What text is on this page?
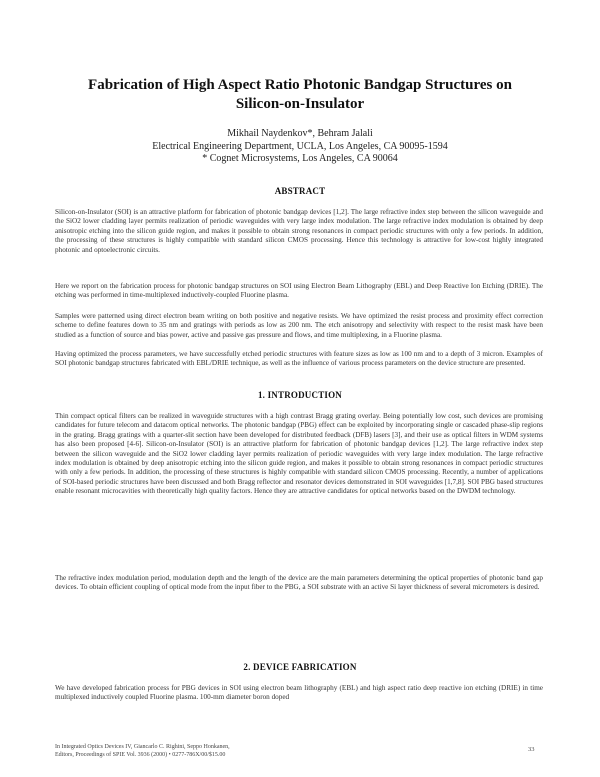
Fabrication of High Aspect Ratio Photonic Bandgap Structures on
Silicon-on-Insulator
Mikhail Naydenkov*, Behram Jalali
Electrical Engineering Department, UCLA, Los Angeles, CA 90095-1594
* Cognet Microsystems, Los Angeles, CA 90064
ABSTRACT

Silicon-on-Insulator (SOI) is an attractive platform for fabrication of photonic bandgap devices [1,2]. The large refractive index step between the silicon waveguide and the SiO2 lower cladding layer permits realization of periodic waveguides with very large index modulation. The large refractive index modulation is obtained by deep anisotropic etching into the silicon guide region, and makes it possible to obtain strong resonances in compact periodic structures with only a few periods. In addition, the processing of these structures is highly compatible with standard silicon CMOS processing. Hence this technology is attractive for low-cost highly integrated photonic and optoelectronic circuits.

Here we report on the fabrication process for photonic bandgap structures on SOI using Electron Beam Lithography (EBL) and Deep Reactive Ion Etching (DRIE). The etching was performed in time-multiplexed inductively-coupled Fluorine plasma.

Samples were patterned using direct electron beam writing on both positive and negative resists. We have optimized the resist process and proximity effect correction scheme to define features down to 35 nm and gratings with periods as low as 200 nm. The etch anisotropy and selectivity with respect to the resist mask have been studied as a function of source and bias power, active and passive gas pressure and flows, and time multiplexing, in a Fluorine plasma.

Having optimized the process parameters, we have successfully etched periodic structures with feature sizes as low as 100 nm and to a depth of 3 micron. Examples of SOI photonic bandgap structures fabricated with EBL/DRIE technique, as well as the influence of various process parameters on the device structure are presented.

1. INTRODUCTION

Thin compact optical filters can be realized in waveguide structures with a high contrast Bragg grating overlay. Being potentially low cost, such devices are promising candidates for future telecom and datacom optical networks. The photonic bandgap (PBG) effect can be exploited by incorporating single or cascaded phase-slip regions in the grating. Bragg gratings with a quarter-slit section have been developed for distributed feedback (DFB) lasers [3], and their use as optical filters in WDM systems has also been proposed [4-6]. Silicon-on-Insulator (SOI) is an attractive platform for fabrication of photonic bandgap devices [1,2]. The large refractive index step between the silicon waveguide and the SiO2 lower cladding layer permits realization of periodic waveguides with very large index modulation. The large refractive index modulation is obtained by deep anisotropic etching into the silicon guide region, and makes it possible to obtain strong resonances in compact periodic structures with only a few periods. In addition, the processing of these structures is highly compatible with standard silicon CMOS processing. Recently, a number of applications of SOI-based periodic structures have been discussed and both Bragg reflector and resonator devices demonstrated in SOI waveguides [1,7,8]. SOI PBG based structures enable resonant microcavities with theoretically high quality factors. Hence they are attractive candidates for optical networks based on the DWDM technology.

The refractive index modulation period, modulation depth and the length of the device are the main parameters determining the optical properties of photonic band gap devices. To obtain efficient coupling of optical mode from the input fiber to the PBG, a SOI substrate with an active Si layer thickness of several micrometers is desired.

2. DEVICE FABRICATION

We have developed fabrication process for PBG devices in SOI using electron beam lithography (EBL) and high aspect ratio deep reactive ion etching (DRIE) in time multiplexed inductively coupled Fluorine plasma. 100-mm diameter boron doped

In Integrated Optics Devices IV, Giancarlo C. Righini, Seppo Honkanen,
Editors, Proceedings of SPIE Vol. 3936 (2000) • 0277-786X/00/$15.00
33
